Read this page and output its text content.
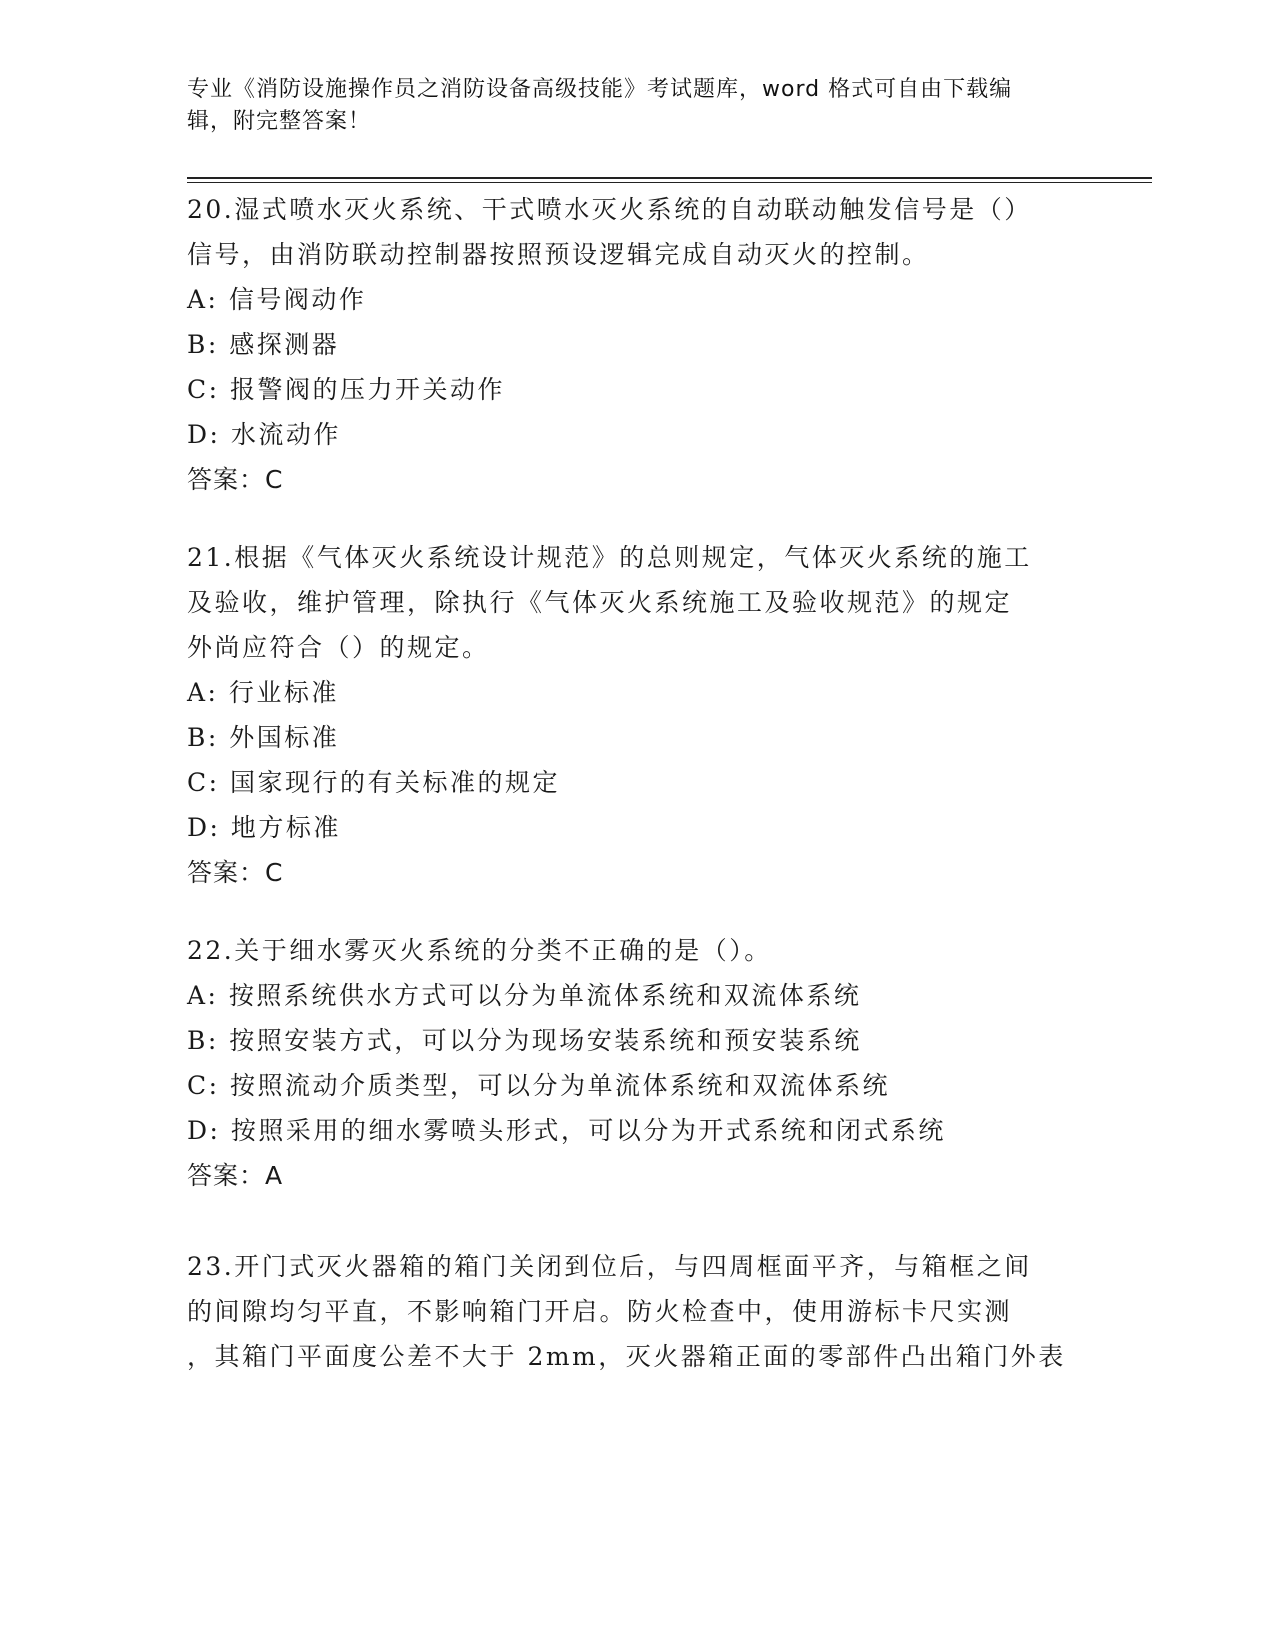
专业《消防设施操作员之消防设备高级技能》考试题库，word 格式可自由下载编
辑，附完整答案！
20.湿式喷水灭火系统、干式喷水灭火系统的自动联动触发信号是（）
信号，由消防联动控制器按照预设逻辑完成自动灭火的控制。
A: 信号阀动作
B: 感探测器
C: 报警阀的压力开关动作
D: 水流动作
答案：C
21.根据《气体灭火系统设计规范》的总则规定，气体灭火系统的施工
及验收，维护管理，除执行《气体灭火系统施工及验收规范》的规定
外尚应符合（）的规定。
A: 行业标准
B: 外国标准
C: 国家现行的有关标准的规定
D: 地方标准
答案：C
22.关于细水雾灭火系统的分类不正确的是（）。
A: 按照系统供水方式可以分为单流体系统和双流体系统
B: 按照安装方式，可以分为现场安装系统和预安装系统
C: 按照流动介质类型，可以分为单流体系统和双流体系统
D: 按照采用的细水雾喷头形式，可以分为开式系统和闭式系统
答案：A
23.开门式灭火器箱的箱门关闭到位后，与四周框面平齐，与箱框之间
的间隙均匀平直，不影响箱门开启。防火检查中，使用游标卡尺实测
，其箱门平面度公差不大于 2mm，灭火器箱正面的零部件凸出箱门外表
